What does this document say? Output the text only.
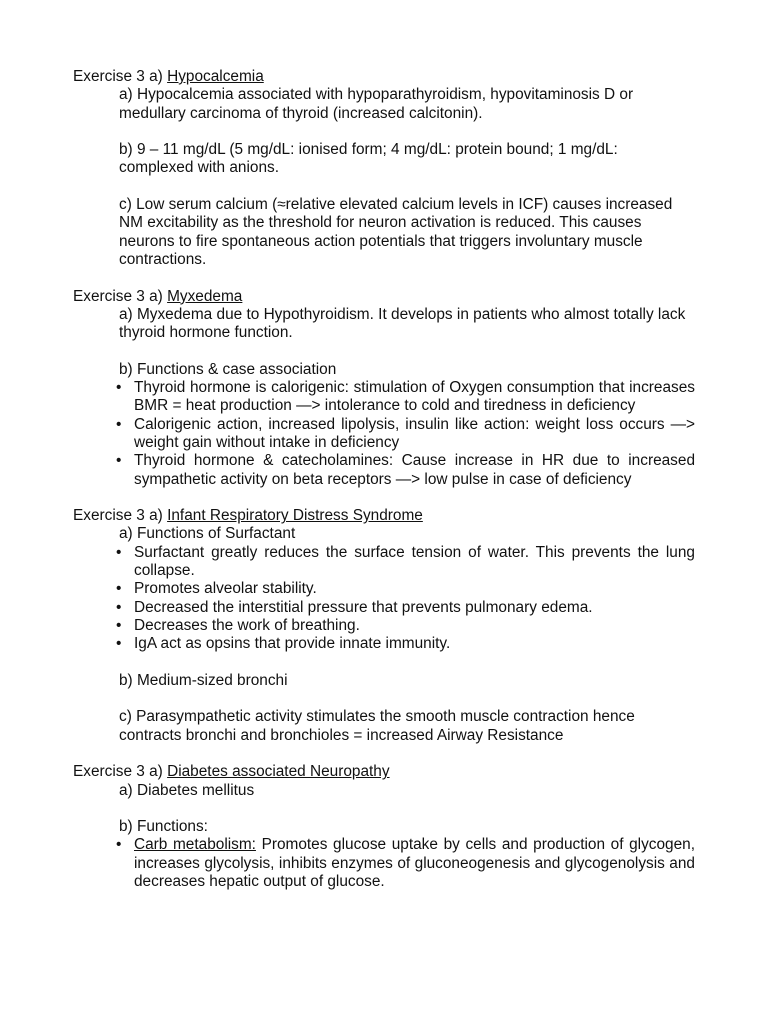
Exercise 3 a) Hypocalcemia

a) Hypocalcemia associated with hypoparathyroidism, hypovitaminosis D or medullary carcinoma of thyroid (increased calcitonin).

b) 9 – 11 mg/dL (5 mg/dL: ionised form; 4 mg/dL: protein bound; 1 mg/dL: complexed with anions.

c) Low serum calcium (≈relative elevated calcium levels in ICF) causes increased NM excitability as the threshold for neuron activation is reduced. This causes neurons to fire spontaneous action potentials that triggers involuntary muscle contractions.

Exercise 3 a) Myxedema

a) Myxedema due to Hypothyroidism. It develops in patients who almost totally lack thyroid hormone function.

b) Functions & case association

• Thyroid hormone is calorigenic: stimulation of Oxygen consumption that increases BMR = heat production —> intolerance to cold and tiredness in deficiency
• Calorigenic action, increased lipolysis, insulin like action: weight loss occurs —> weight gain without intake in deficiency
• Thyroid hormone & catecholamines: Cause increase in HR due to increased sympathetic activity on beta receptors —> low pulse in case of deficiency
Exercise 3 a) Infant Respiratory Distress Syndrome

a) Functions of Surfactant

• Surfactant greatly reduces the surface tension of water. This prevents the lung collapse.
• Promotes alveolar stability.
• Decreased the interstitial pressure that prevents pulmonary edema.
• Decreases the work of breathing.
• IgA act as opsins that provide innate immunity.

b) Medium-sized bronchi

c) Parasympathetic activity stimulates the smooth muscle contraction hence contracts bronchi and bronchioles = increased Airway Resistance

Exercise 3 a) Diabetes associated Neuropathy

a) Diabetes mellitus

b) Functions:

• Carb metabolism: Promotes glucose uptake by cells and production of glycogen, increases glycolysis, inhibits enzymes of gluconeogenesis and glycogenolysis and decreases hepatic output of glucose.
